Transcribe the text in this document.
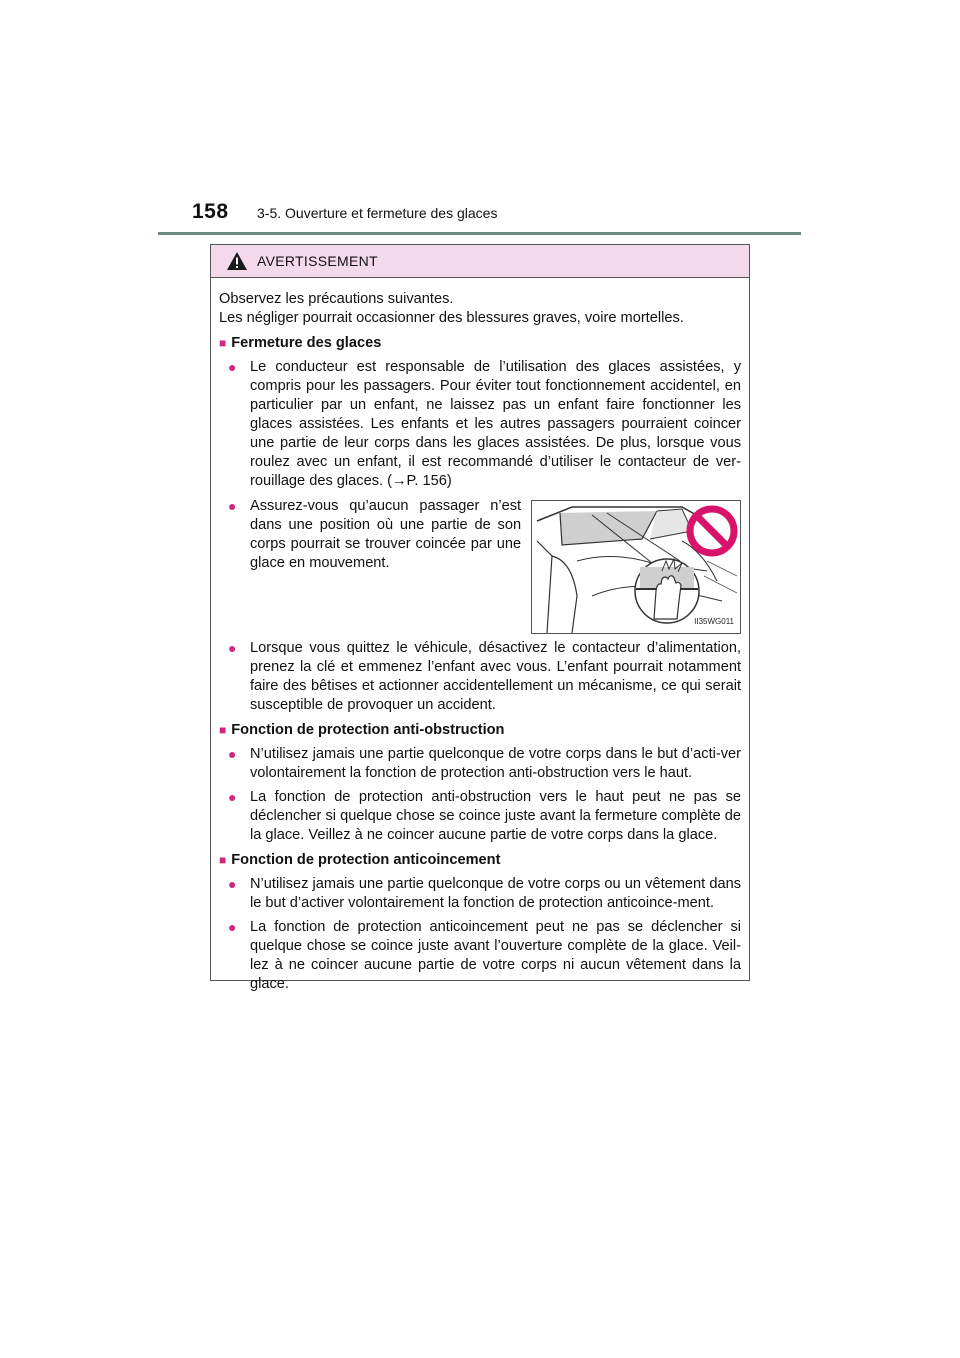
158 3-5. Ouverture et fermeture des glaces
AVERTISSEMENT

Observez les précautions suivantes.

Les négliger pourrait occasionner des blessures graves, voire mortelles.

■ Fermeture des glaces
● Le conducteur est responsable de l’utilisation des glaces assistées, y compris pour les passagers. Pour éviter tout fonctionnement accidentel, en particulier par un enfant, ne laissez pas un enfant faire fonctionner les glaces assistées. Les enfants et les autres passagers pourraient coincer une partie de leur corps dans les glaces assistées. De plus, lorsque vous roulez avec un enfant, il est recommandé d’utiliser le contacteur de ver-rouillage des glaces. (→P. 156)
● Assurez-vous qu’aucun passager n’est dans une position où une partie de son corps pourrait se trouver coincée par une glace en mouvement.
II35WG011
● Lorsque vous quittez le véhicule, désactivez le contacteur d’alimentation, prenez la clé et emmenez l’enfant avec vous. L’enfant pourrait notamment faire des bêtises et actionner accidentellement un mécanisme, ce qui serait susceptible de provoquer un accident.
■ Fonction de protection anti-obstruction
● N’utilisez jamais une partie quelconque de votre corps dans le but d’acti-ver volontairement la fonction de protection anti-obstruction vers le haut.
● La fonction de protection anti-obstruction vers le haut peut ne pas se déclencher si quelque chose se coince juste avant la fermeture complète de la glace. Veillez à ne coincer aucune partie de votre corps dans la glace.
■ Fonction de protection anticoincement
● N’utilisez jamais une partie quelconque de votre corps ou un vêtement dans le but d’activer volontairement la fonction de protection anticoince-ment.
● La fonction de protection anticoincement peut ne pas se déclencher si quelque chose se coince juste avant l’ouverture complète de la glace. Veil-lez à ne coincer aucune partie de votre corps ni aucun vêtement dans la glace.
